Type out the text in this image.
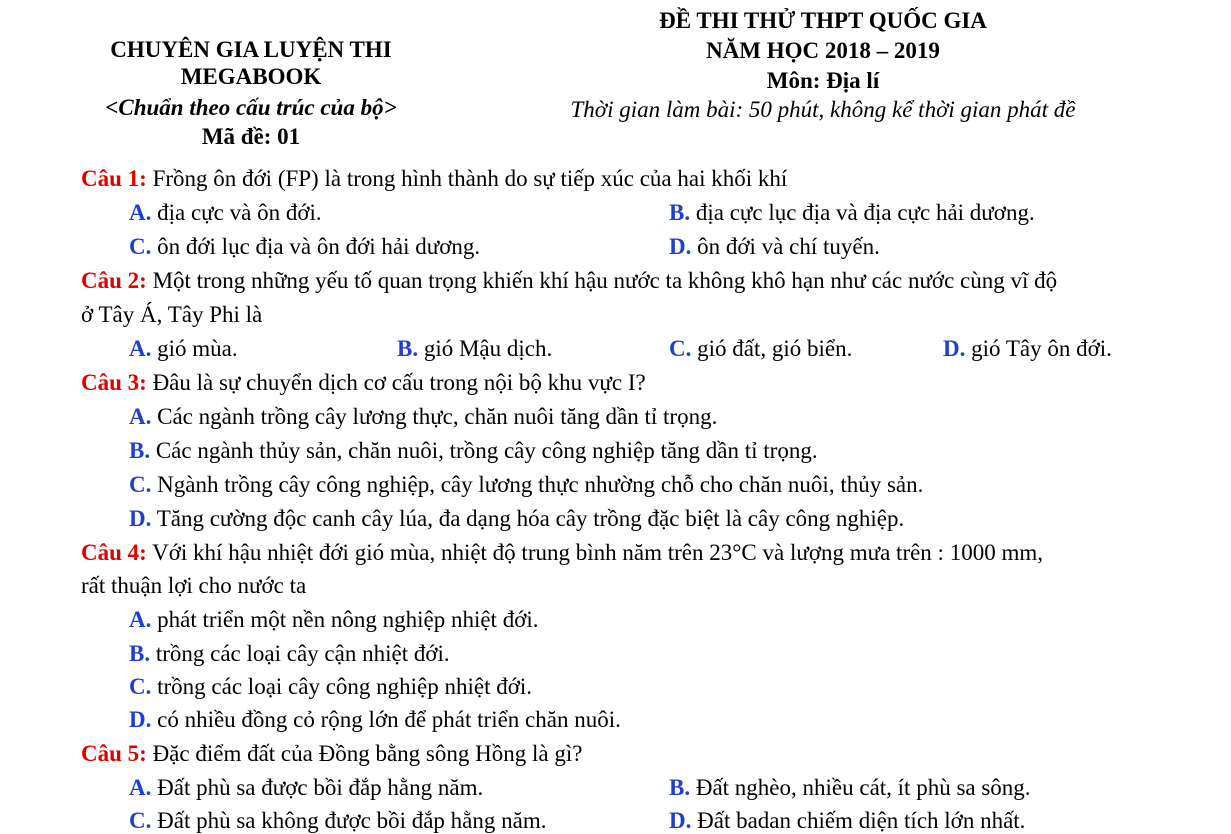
CHUYÊN GIA LUYỆN THI
MEGABOOK
<Chuẩn theo cấu trúc của bộ>
Mã đề: 01
ĐỀ THI THỬ THPT QUỐC GIA
NĂM HỌC 2018 – 2019
Môn: Địa lí
Thời gian làm bài: 50 phút, không kể thời gian phát đề
Câu 1: Frồng ôn đới (FP) là trong hình thành do sự tiếp xúc của hai khối khí
A. địa cực và ôn đới.	B. địa cực lục địa và địa cực hải dương.
C. ôn đới lục địa và ôn đới hải dương.	D. ôn đới và chí tuyến.
Câu 2: Một trong những yếu tố quan trọng khiến khí hậu nước ta không khô hạn như các nước cùng vĩ độ
ở Tây Á, Tây Phi là
A. gió mùa.	B. gió Mậu dịch.	C. gió đất, gió biển.	D. gió Tây ôn đới.
Câu 3: Đâu là sự chuyển dịch cơ cấu trong nội bộ khu vực I?
A. Các ngành trồng cây lương thực, chăn nuôi tăng dần tỉ trọng.
B. Các ngành thủy sản, chăn nuôi, trồng cây công nghiệp tăng dần tỉ trọng.
C. Ngành trồng cây công nghiệp, cây lương thực nhường chỗ cho chăn nuôi, thủy sản.
D. Tăng cường độc canh cây lúa, đa dạng hóa cây trồng đặc biệt là cây công nghiệp.
Câu 4: Với khí hậu nhiệt đới gió mùa, nhiệt độ trung bình năm trên 23°C và lượng mưa trên : 1000 mm,
rất thuận lợi cho nước ta
A. phát triển một nền nông nghiệp nhiệt đới.
B. trồng các loại cây cận nhiệt đới.
C. trồng các loại cây công nghiệp nhiệt đới.
D. có nhiều đồng cỏ rộng lớn để phát triển chăn nuôi.
Câu 5: Đặc điểm đất của Đồng bằng sông Hồng là gì?
A. Đất phù sa được bồi đắp hằng năm.	B. Đất nghèo, nhiều cát, ít phù sa sông.
C. Đất phù sa không được bồi đắp hằng năm.	D. Đất badan chiếm diện tích lớn nhất.
